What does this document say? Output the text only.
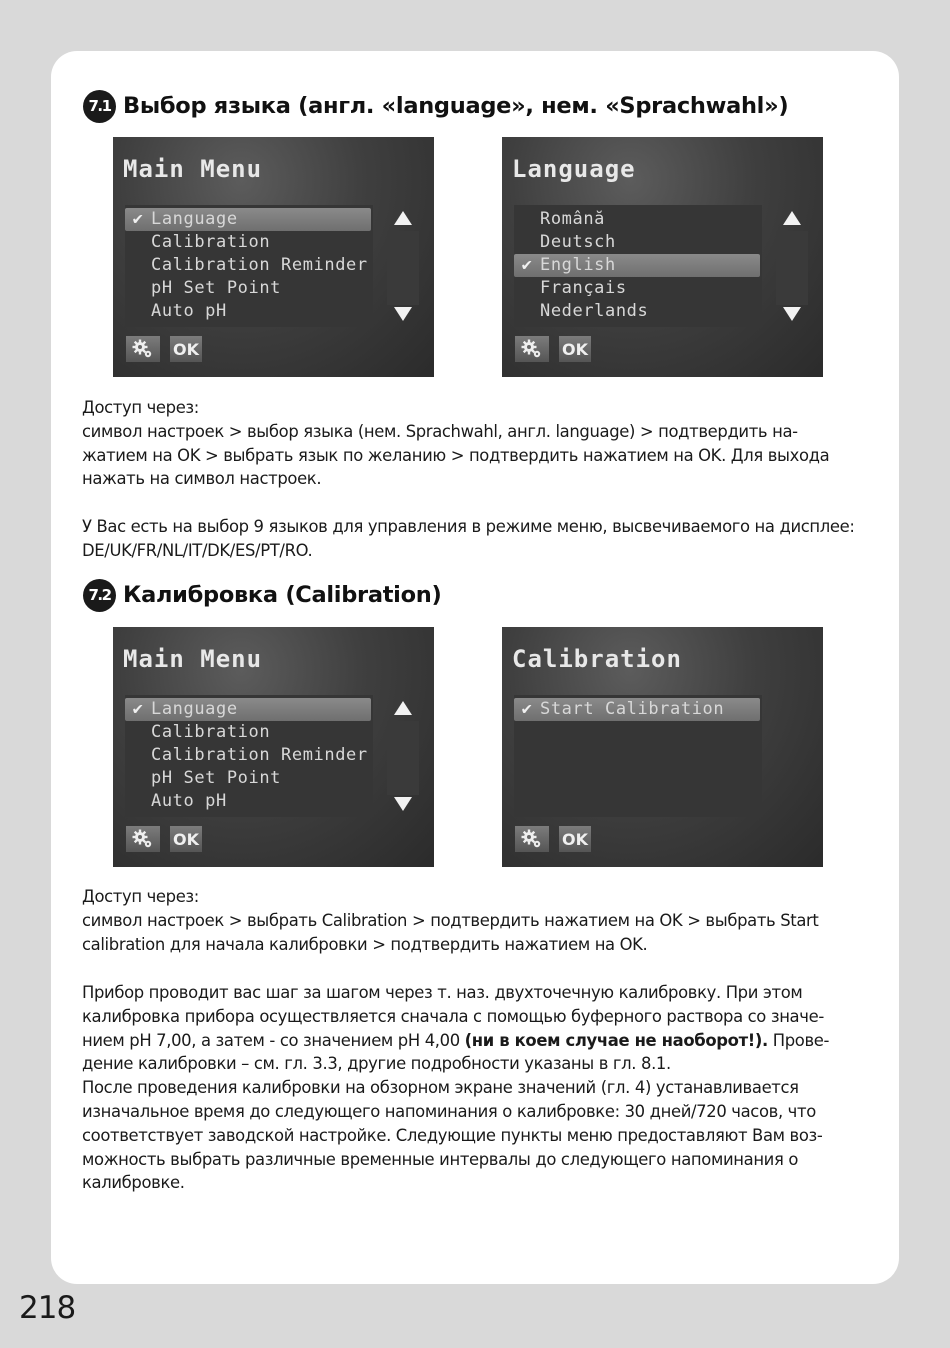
7.1 Выбор языка (англ. «language», нем. «Sprachwahl»)
Main Menu
✔ Language
Calibration
Calibration Reminder
pH Set Point
Auto pH
OK
Language
Română
Deutsch
✔ English
Français
Nederlands
OK
Доступ через:
символ настроек > выбор языка (нем. Sprachwahl, англ. language) > подтвердить на-
жатием на OK > выбрать язык по желанию > подтвердить нажатием на OK. Для выхода
нажать на символ настроек.
У Вас есть на выбор 9 языков для управления в режиме меню, высвечиваемого на дисплее:
DE/UK/FR/NL/IT/DK/ES/PT/RO.
7.2 Калибровка (Calibration)
Main Menu
✔ Language
Calibration
Calibration Reminder
pH Set Point
Auto pH
OK
Calibration
✔ Start Calibration
OK
Доступ через:
символ настроек > выбрать Calibration > подтвердить нажатием на OK > выбрать Start
calibration для начала калибровки > подтвердить нажатием на OK.
Прибор проводит вас шаг за шагом через т. наз. двухточечную калибровку. При этом
калибровка прибора осуществляется сначала с помощью буферного раствора со значе-
нием pH 7,00, а затем - со значением pH 4,00 (ни в коем случае не наоборот!). Прове-
дение калибровки – см. гл. 3.3, другие подробности указаны в гл. 8.1.
После проведения калибровки на обзорном экране значений (гл. 4) устанавливается
изначальное время до следующего напоминания о калибровке: 30 дней/720 часов, что
соответствует заводской настройке. Следующие пункты меню предоставляют Вам воз-
можность выбрать различные временные интервалы до следующего напоминания о
калибровке.
218
